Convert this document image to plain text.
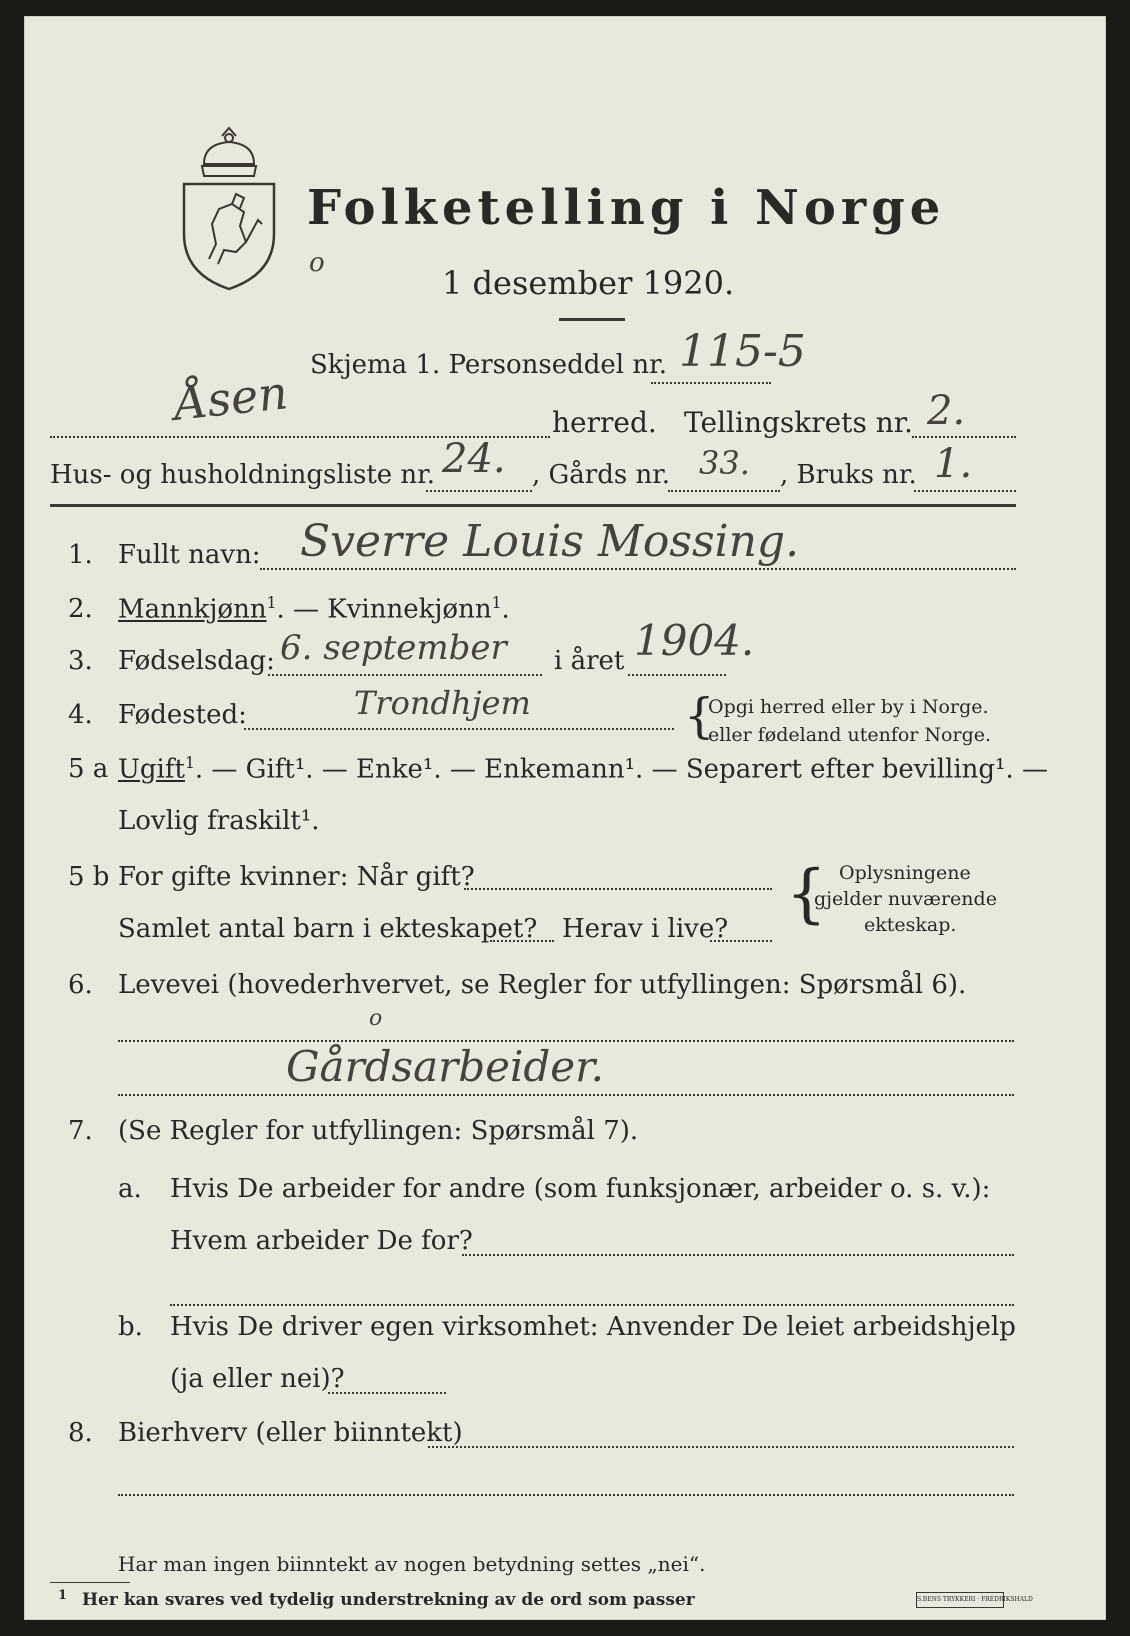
Folketelling i Norge
1 desember 1920.
o
Skjema 1. Personseddel nr. 115-5
Åsen	herred. Tellingskrets nr. 2.
Hus- og husholdningsliste nr. 24. , Gårds nr. 33. , Bruks nr. 1.
1. Fullt navn: Sverre Louis Mossing.
2. Mannkjønn$^1$. — Kvinnekjønn$^1$.
3. Fødselsdag: 6. september i året 1904.
4. Fødested:	Trondhjem	{
Opgi herred eller by i Norge.
eller fødeland utenfor Norge.
5 a Ugift$^1$. — Gift¹. — Enke¹. — Enkemann¹. — Separert efter bevilling¹. —
Lovlig fraskilt¹.
5 b For gifte kvinner: Når gift?
Samlet antal barn i ekteskapet? Herav i live? { Oplysningene
gjelder nuværende
ekteskap.
6. Levevei (hovederhvervet, se Regler for utfyllingen: Spørsmål 6).
o
Gårdsarbeider.
7. (Se Regler for utfyllingen: Spørsmål 7).
a. Hvis De arbeider for andre (som funksjonær, arbeider o. s. v.):
Hvem arbeider De for?
b. Hvis De driver egen virksomhet: Anvender De leiet arbeidshjelp
(ja eller nei)?
8. Bierhverv (eller biinntekt)
Har man ingen biinntekt av nogen betydning settes „nei“.
1 Her kan svares ved tydelig understrekning av de ord som passer	S.BENS TRYKKERI · FREDRIKSHALD
